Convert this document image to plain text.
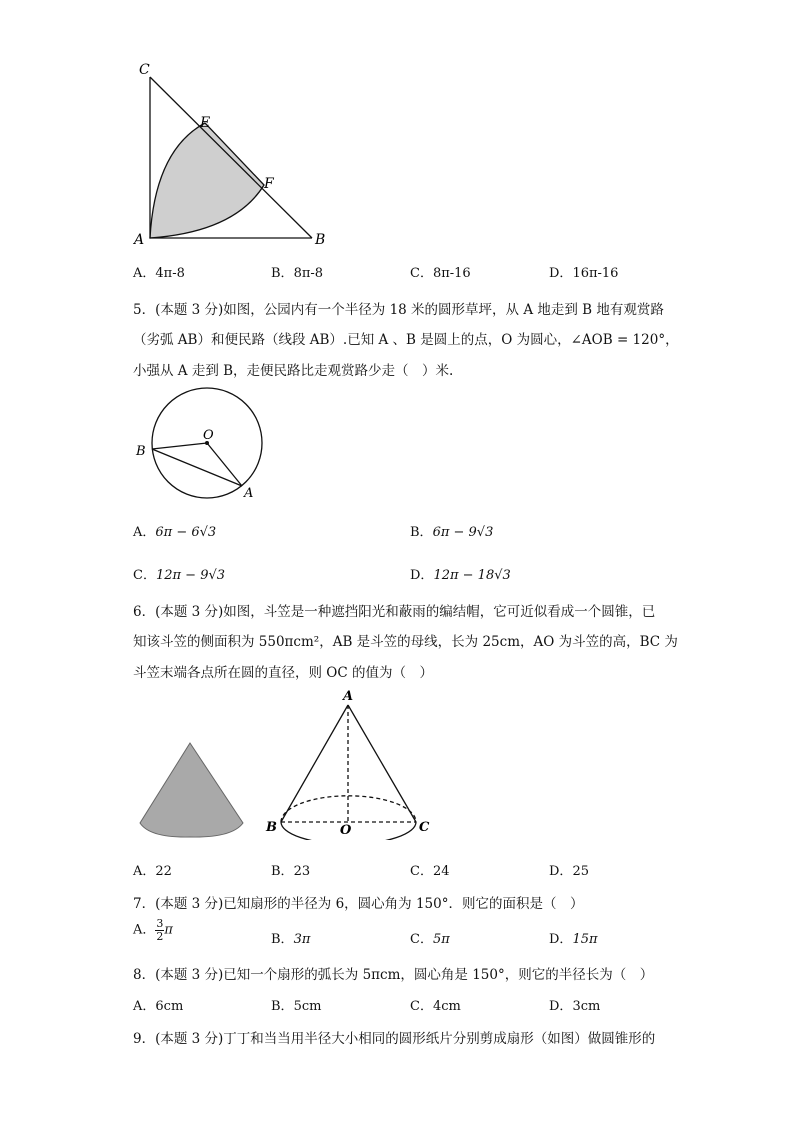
C
E
F
A	B
A．4π-8	B．8π-8	C．8π-16	D．16π-16
5．(本题 3 分)如图，公园内有一个半径为 18 米的圆形草坪，从 A 地走到 B 地有观赏路
（劣弧 AB）和便民路（线段 AB）.已知 A 、B 是圆上的点，O 为圆心，∠AOB = 120°，
小强从 A 走到 B，走便民路比走观赏路少走（　）米.
O
B
A
A．6π − 6√3	B．6π − 9√3
C．12π − 9√3	D．12π − 18√3
6．(本题 3 分)如图，斗笠是一种遮挡阳光和蔽雨的编结帽，它可近似看成一个圆锥，已
知该斗笠的侧面积为 550πcm²，AB 是斗笠的母线，长为 25cm，AO 为斗笠的高，BC 为
斗笠末端各点所在圆的直径，则 OC 的值为（　）
A
B	O	C
A．22	B．23	C．24	D．25
7．(本题 3 分)已知扇形的半径为 6，圆心角为 150°．则它的面积是（　）
A． $\frac{3}{2}$ π
B．3π	C．5π	D．15π
8．(本题 3 分)已知一个扇形的弧长为 5πcm，圆心角是 150°，则它的半径长为（　）
A．6cm	B．5cm	C．4cm	D．3cm
9．(本题 3 分)丁丁和当当用半径大小相同的圆形纸片分别剪成扇形（如图）做圆锥形的
